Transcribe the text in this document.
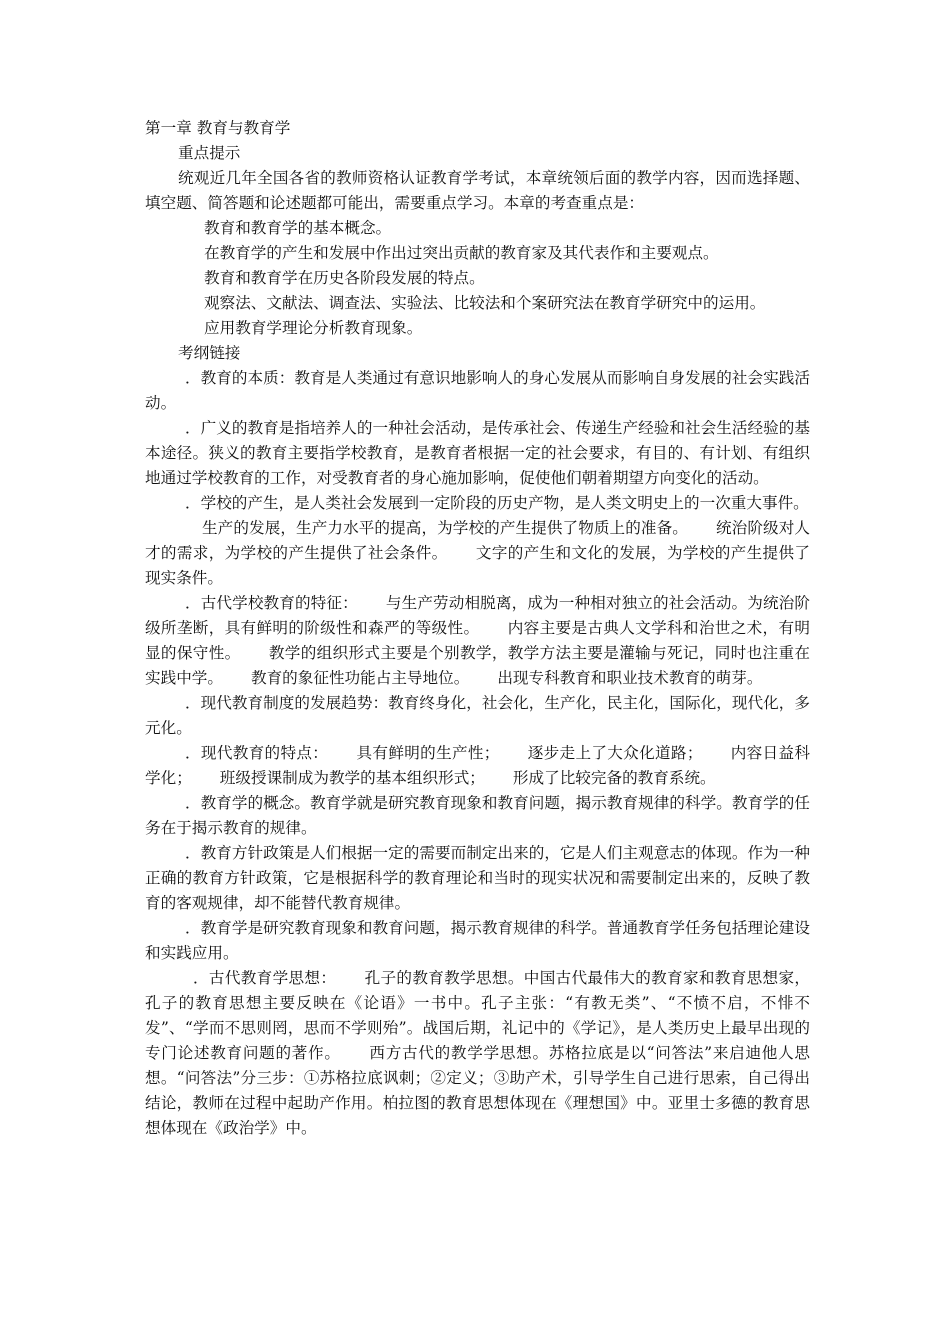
第一章 教育与教育学

重点提示

统观近几年全国各省的教师资格认证教育学考试，本章统领后面的教学内容，因而选择题、填空题、简答题和论述题都可能出，需要重点学习。本章的考查重点是：

教育和教育学的基本概念。

在教育学的产生和发展中作出过突出贡献的教育家及其代表作和主要观点。

教育和教育学在历史各阶段发展的特点。

观察法、文献法、调查法、实验法、比较法和个案研究法在教育学研究中的运用。

应用教育学理论分析教育现象。

考纲链接

．教育的本质：教育是人类通过有意识地影响人的身心发展从而影响自身发展的社会实践活动。

．广义的教育是指培养人的一种社会活动，是传承社会、传递生产经验和社会生活经验的基本途径。狭义的教育主要指学校教育，是教育者根据一定的社会要求，有目的、有计划、有组织地通过学校教育的工作，对受教育者的身心施加影响，促使他们朝着期望方向变化的活动。

．学校的产生，是人类社会发展到一定阶段的历史产物，是人类文明史上的一次重大事件。

生产的发展，生产力水平的提高，为学校的产生提供了物质上的准备。 统治阶级对人才的需求，为学校的产生提供了社会条件。 文字的产生和文化的发展，为学校的产生提供了现实条件。

．古代学校教育的特征： 与生产劳动相脱离，成为一种相对独立的社会活动。为统治阶级所垄断，具有鲜明的阶级性和森严的等级性。 内容主要是古典人文学科和治世之术，有明显的保守性。 教学的组织形式主要是个别教学，教学方法主要是灌输与死记，同时也注重在实践中学。 教育的象征性功能占主导地位。 出现专科教育和职业技术教育的萌芽。

．现代教育制度的发展趋势：教育终身化，社会化，生产化，民主化，国际化，现代化，多元化。

．现代教育的特点： 具有鲜明的生产性； 逐步走上了大众化道路； 内容日益科学化； 班级授课制成为教学的基本组织形式； 形成了比较完备的教育系统。

．教育学的概念。教育学就是研究教育现象和教育问题，揭示教育规律的科学。教育学的任务在于揭示教育的规律。

．教育方针政策是人们根据一定的需要而制定出来的，它是人们主观意志的体现。作为一种正确的教育方针政策，它是根据科学的教育理论和当时的现实状况和需要制定出来的，反映了教育的客观规律，却不能替代教育规律。

．教育学是研究教育现象和教育问题，揭示教育规律的科学。普通教育学任务包括理论建设和实践应用。

．古代教育学思想： 孔子的教育教学思想。中国古代最伟大的教育家和教育思想家，孔子的教育思想主要反映在《论语》一书中。孔子主张：“有教无类”、“不愤不启，不悱不发”、“学而不思则罔，思而不学则殆”。战国后期，礼记中的《学记》，是人类历史上最早出现的专门论述教育问题的著作。 西方古代的教学学思想。苏格拉底是以“问答法”来启迪他人思想。“问答法”分三步：①苏格拉底讽刺；②定义；③助产术，引导学生自己进行思索，自己得出结论，教师在过程中起助产作用。柏拉图的教育思想体现在《理想国》中。亚里士多德的教育思想体现在《政治学》中。
